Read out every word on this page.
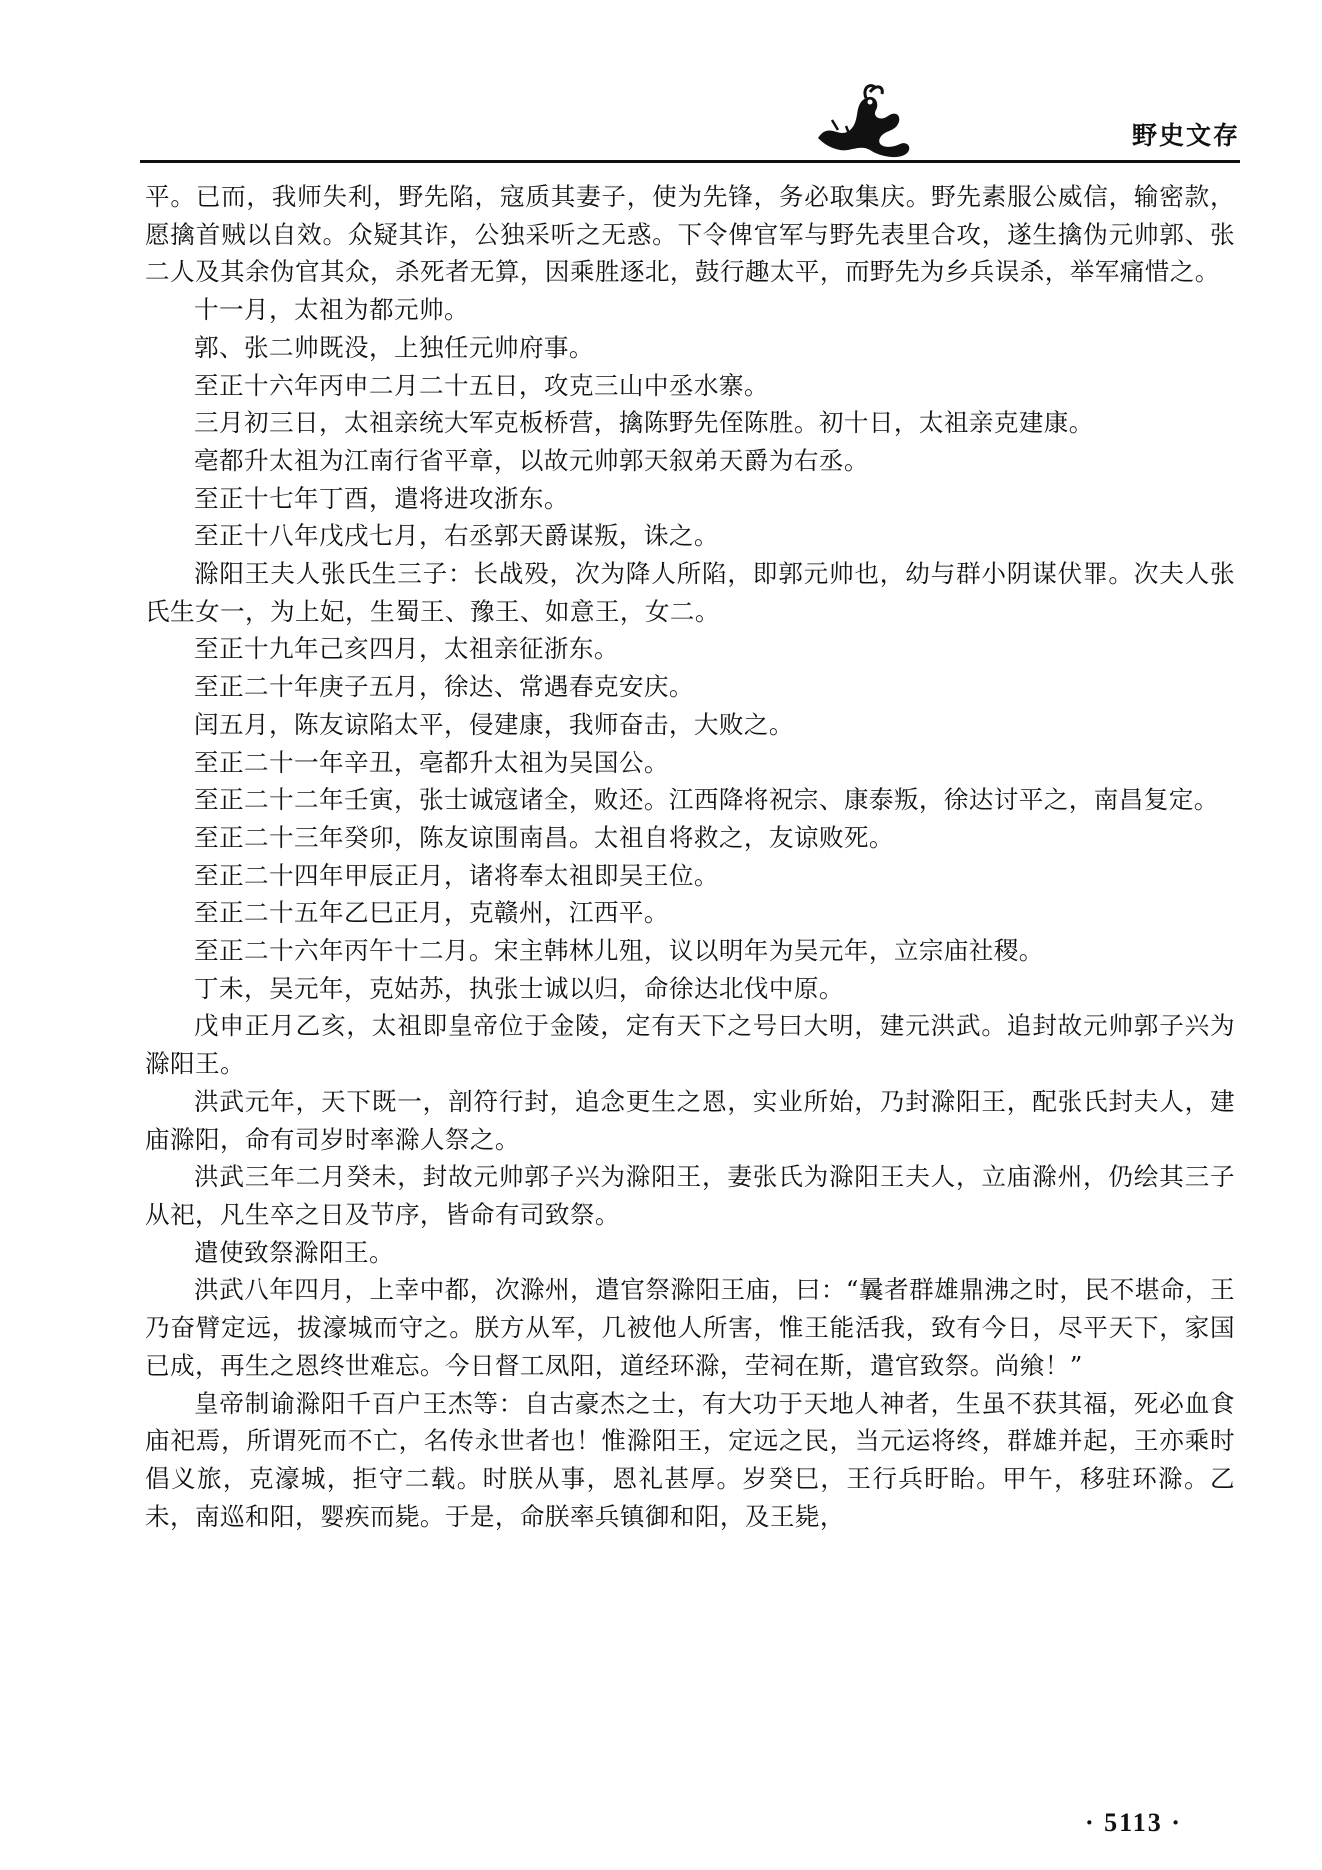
野史文存

平。已而，我师失利，野先陷，寇质其妻子，使为先锋，务必取集庆。野先素服公威信，输密款，愿擒首贼以自效。众疑其诈，公独采听之无惑。下令俾官军与野先表里合攻，遂生擒伪元帅郭、张二人及其余伪官其众，杀死者无算，因乘胜逐北，鼓行趣太平，而野先为乡兵误杀，举军痛惜之。

十一月，太祖为都元帅。

郭、张二帅既没，上独任元帅府事。

至正十六年丙申二月二十五日，攻克三山中丞水寨。

三月初三日，太祖亲统大军克板桥营，擒陈野先侄陈胜。初十日，太祖亲克建康。

亳都升太祖为江南行省平章，以故元帅郭天叙弟天爵为右丞。

至正十七年丁酉，遣将进攻浙东。

至正十八年戊戌七月，右丞郭天爵谋叛，诛之。

滁阳王夫人张氏生三子：长战殁，次为降人所陷，即郭元帅也，幼与群小阴谋伏罪。次夫人张氏生女一，为上妃，生蜀王、豫王、如意王，女二。

至正十九年己亥四月，太祖亲征浙东。

至正二十年庚子五月，徐达、常遇春克安庆。

闰五月，陈友谅陷太平，侵建康，我师奋击，大败之。

至正二十一年辛丑，亳都升太祖为吴国公。

至正二十二年壬寅，张士诚寇诸全，败还。江西降将祝宗、康泰叛，徐达讨平之，南昌复定。

至正二十三年癸卯，陈友谅围南昌。太祖自将救之，友谅败死。

至正二十四年甲辰正月，诸将奉太祖即吴王位。

至正二十五年乙巳正月，克赣州，江西平。

至正二十六年丙午十二月。宋主韩林儿殂，议以明年为吴元年，立宗庙社稷。

丁未，吴元年，克姑苏，执张士诚以归，命徐达北伐中原。

戊申正月乙亥，太祖即皇帝位于金陵，定有天下之号曰大明，建元洪武。追封故元帅郭子兴为滁阳王。

洪武元年，天下既一，剖符行封，追念更生之恩，实业所始，乃封滁阳王，配张氏封夫人，建庙滁阳，命有司岁时率滁人祭之。

洪武三年二月癸未，封故元帅郭子兴为滁阳王，妻张氏为滁阳王夫人，立庙滁州，仍绘其三子从祀，凡生卒之日及节序，皆命有司致祭。

遣使致祭滁阳王。

洪武八年四月，上幸中都，次滁州，遣官祭滁阳王庙，曰：“曩者群雄鼎沸之时，民不堪命，王乃奋臂定远，拔濠城而守之。朕方从军，几被他人所害，惟王能活我，致有今日，尽平天下，家国已成，再生之恩终世难忘。今日督工凤阳，道经环滁，茔祠在斯，遣官致祭。尚飨！”

皇帝制谕滁阳千百户王杰等：自古豪杰之士，有大功于天地人神者，生虽不获其福，死必血食庙祀焉，所谓死而不亡，名传永世者也！惟滁阳王，定远之民，当元运将终，群雄并起，王亦乘时倡义旅，克濠城，拒守二载。时朕从事，恩礼甚厚。岁癸巳，王行兵盱眙。甲午，移驻环滁。乙未，南巡和阳，婴疾而毙。于是，命朕率兵镇御和阳，及王毙，

· 5113 ·
